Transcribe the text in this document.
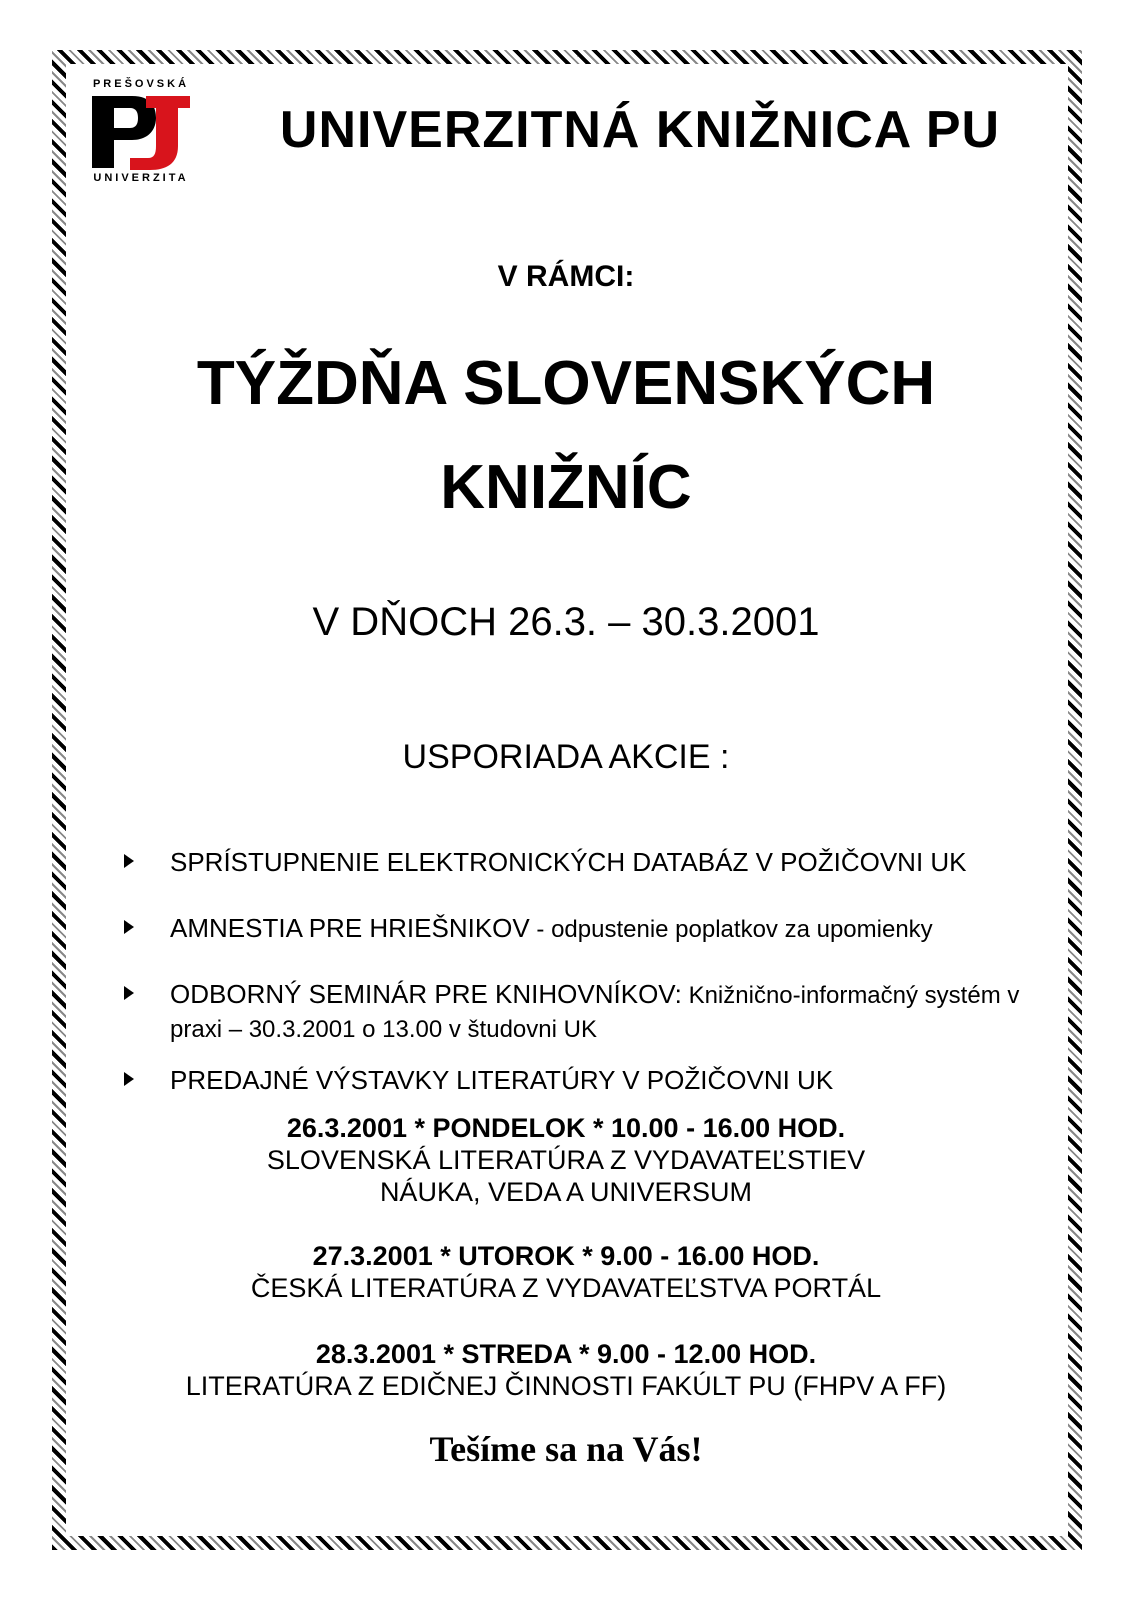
PREŠOVSKÁ
UNIVERZITA
UNIVERZITNÁ KNIŽNICA PU
V RÁMCI:
TÝŽDŇA SLOVENSKÝCH
KNIŽNÍC
V DŇOCH 26.3. – 30.3.2001
USPORIADA AKCIE :
SPRÍSTUPNENIE ELEKTRONICKÝCH DATABÁZ V POŽIČOVNI UK
AMNESTIA PRE HRIEŠNIKOV - odpustenie poplatkov za upomienky
ODBORNÝ SEMINÁR PRE KNIHOVNÍKOV: Knižnično-informačný systém v praxi – 30.3.2001 o 13.00 v študovni UK
PREDAJNÉ VÝSTAVKY LITERATÚRY V POŽIČOVNI UK
26.3.2001 * PONDELOK * 10.00 - 16.00 HOD.
SLOVENSKÁ LITERATÚRA Z VYDAVATEĽSTIEV
NÁUKA, VEDA A UNIVERSUM
27.3.2001 * UTOROK * 9.00 - 16.00 HOD.
ČESKÁ LITERATÚRA Z VYDAVATEĽSTVA PORTÁL
28.3.2001 * STREDA * 9.00 - 12.00 HOD.
LITERATÚRA Z EDIČNEJ ČINNOSTI FAKÚLT PU (FHPV A FF)
Tešíme sa na Vás!
